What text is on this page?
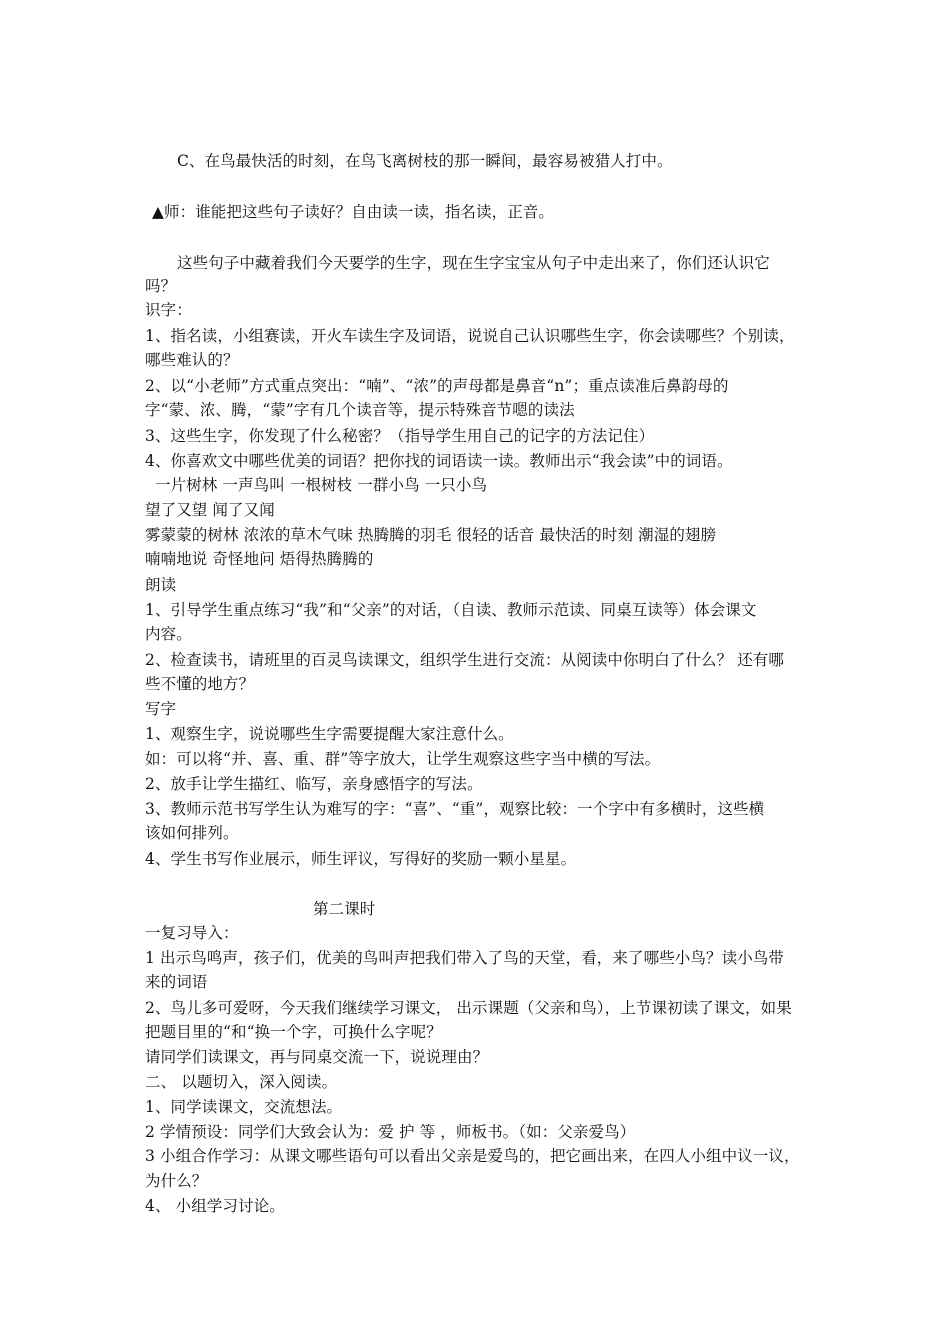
C、在鸟最快活的时刻，在鸟飞离树枝的那一瞬间，最容易被猎人打中。
▲师：谁能把这些句子读好？自由读一读，指名读，正音。
这些句子中藏着我们今天要学的生字，现在生字宝宝从句子中走出来了，你们还认识它
吗？
识字：
1、指名读，小组赛读，开火车读生字及词语，说说自己认识哪些生字，你会读哪些？个别读，
哪些难认的？
2、以“小老师”方式重点突出：“喃”、“浓”的声母都是鼻音“n”；重点读准后鼻韵母的
字“蒙、浓、腾，“蒙”字有几个读音等，提示特殊音节嗯的读法
3、这些生字，你发现了什么秘密？（指导学生用自己的记字的方法记住）
4、你喜欢文中哪些优美的词语？把你找的词语读一读。教师出示“我会读”中的词语。
一片树林 一声鸟叫 一根树枝 一群小鸟 一只小鸟
望了又望 闻了又闻
雾蒙蒙的树林 浓浓的草木气味 热腾腾的羽毛 很轻的话音 最快活的时刻 潮湿的翅膀
喃喃地说 奇怪地问 焐得热腾腾的
朗读
1、引导学生重点练习“我”和“父亲”的对话，（自读、教师示范读、同桌互读等）体会课文
内容。
2、检查读书，请班里的百灵鸟读课文，组织学生进行交流：从阅读中你明白了什么？ 还有哪
些不懂的地方？
写字
1、观察生字，说说哪些生字需要提醒大家注意什么。
如：可以将“并、喜、重、群”等字放大，让学生观察这些字当中横的写法。
2、放手让学生描红、临写，亲身感悟字的写法。
3、教师示范书写学生认为难写的字：“喜”、“重”，观察比较：一个字中有多横时，这些横
该如何排列。
4、学生书写作业展示，师生评议，写得好的奖励一颗小星星。
第二课时
一复习导入：
1 出示鸟鸣声，孩子们，优美的鸟叫声把我们带入了鸟的天堂，看，来了哪些小鸟？读小鸟带
来的词语
2、鸟儿多可爱呀，今天我们继续学习课文， 出示课题（父亲和鸟），上节课初读了课文，如果
把题目里的“和“换一个字，可换什么字呢？
请同学们读课文，再与同桌交流一下，说说理由？
二、 以题切入，深入阅读。
1、同学读课文，交流想法。
2 学情预设：同学们大致会认为：爱 护 等 ，师板书。（如：父亲爱鸟）
3 小组合作学习：从课文哪些语句可以看出父亲是爱鸟的，把它画出来，在四人小组中议一议，
为什么？
4、 小组学习讨论。
